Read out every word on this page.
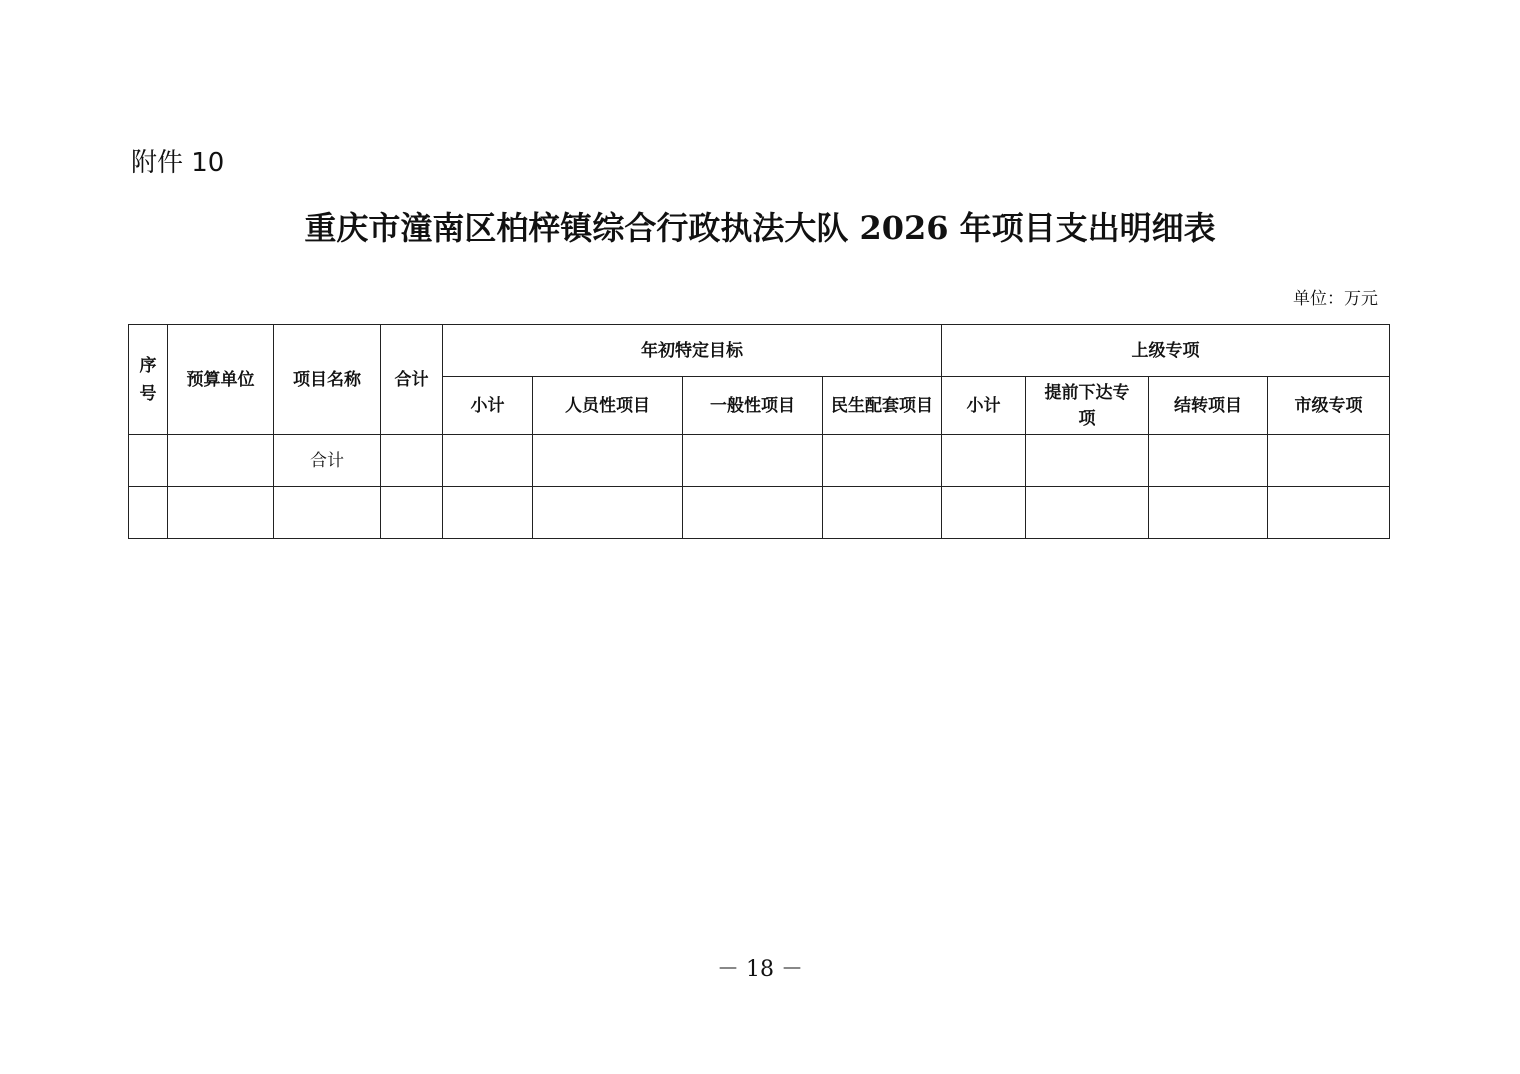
附件 10
重庆市潼南区柏梓镇综合行政执法大队 2026 年项目支出明细表
单位：万元
序号	预算单位	项目名称	合计	年初特定目标				上级专项			
				小计	人员性项目	一般性项目	民生配套项目	小计	提前下达专项	结转项目	市级专项
		合计									

－ 18 －
